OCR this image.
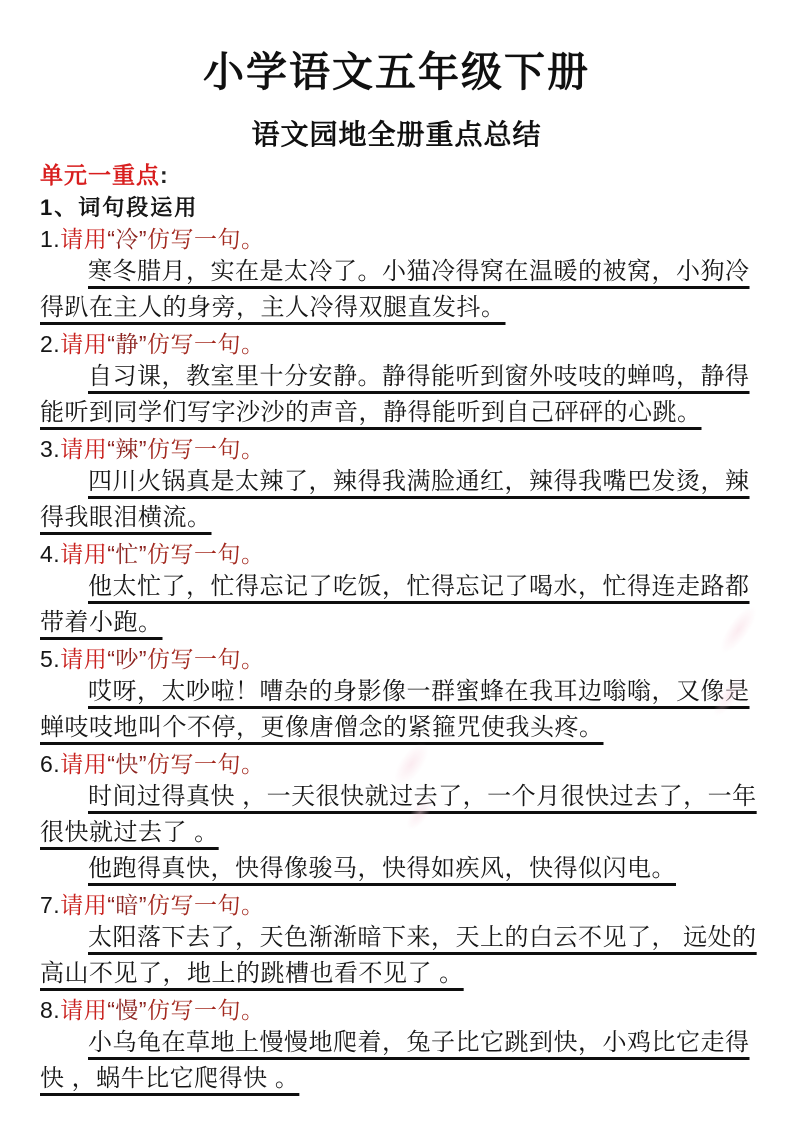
小学语文五年级下册
语文园地全册重点总结
单元一重点:
1、词句段运用
1.请用“冷”仿写一句。

寒冬腊月，实在是太冷了。小猫冷得窝在温暖的被窝，小狗冷得趴在主人的身旁，主人冷得双腿直发抖。

2.请用“静”仿写一句。

自习课，教室里十分安静。静得能听到窗外吱吱的蝉鸣，静得能听到同学们写字沙沙的声音，静得能听到自己砰砰的心跳。

3.请用“辣”仿写一句。

四川火锅真是太辣了，辣得我满脸通红，辣得我嘴巴发烫，辣得我眼泪横流。

4.请用“忙”仿写一句。

他太忙了，忙得忘记了吃饭，忙得忘记了喝水，忙得连走路都带着小跑。

5.请用“吵”仿写一句。

哎呀，太吵啦！嘈杂的身影像一群蜜蜂在我耳边嗡嗡，又像是蝉吱吱地叫个不停，更像唐僧念的紧箍咒使我头疼。

6.请用“快”仿写一句。

时间过得真快 ，一天很快就过去了，一个月很快过去了，一年很快就过去了 。

他跑得真快，快得像骏马，快得如疾风，快得似闪电。

7.请用“暗”仿写一句。

太阳落下去了，天色渐渐暗下来，天上的白云不见了， 远处的高山不见了，地上的跳槽也看不见了 。

8.请用“慢”仿写一句。

小乌龟在草地上慢慢地爬着，兔子比它跳到快，小鸡比它走得快 ，蜗牛比它爬得快 。
